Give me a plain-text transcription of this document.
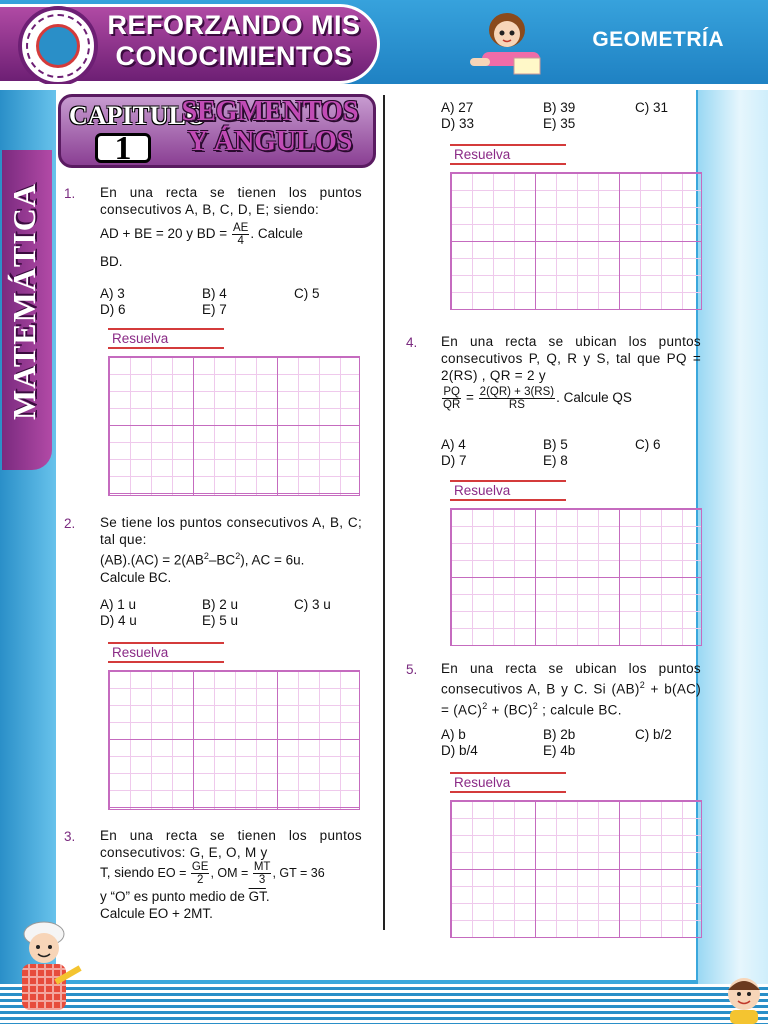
REFORZANDO MIS
CONOCIMIENTOS
GEOMETRÍA
MATEMÁTICA
CAPITULO
1
SEGMENTOS
Y ÁNGULOS
1. En una recta se tienen los puntos consecutivos A, B, C, D, E; siendo:
AD + BE = 20 y BD = $\frac{AE}{4}$ . Calcule
BD.
A) 3	B) 4	C) 5
D) 6	E) 7
Resuelva
2. Se tiene los puntos consecutivos A, B, C; tal que:
$(AB).(AC) = 2(AB^2-BC^2)$, AC = 6u.
Calcule BC.
A) 1 u	B) 2 u	C) 3 u
D) 4 u	E) 5 u
Resuelva
3. En una recta se tienen los puntos consecutivos: G, E, O, M y
T, siendo EO = $\frac{GE}{2}$ , OM = $\frac{MT}{3}$ , GT = 36
y “O” es punto medio de $\overline{GT}$.
Calcule EO + 2MT.
A) 27	B) 39	C) 31
D) 33	E) 35
Resuelva
4. En una recta se ubican los puntos consecutivos P, Q, R y S, tal que PQ = 2(RS) , QR = 2 y
$\frac{PQ}{QR} = \frac{2(QR) + 3(RS)}{RS}$ . Calcule QS
A) 4	B) 5	C) 6
D) 7	E) 8
Resuelva
5. En una recta se ubican los puntos consecutivos A, B y C. Si (AB)$^2$ + b(AC) = (AC)$^2$ + (BC)$^2$ ; calcule BC.
A) b	B) 2b	C) b/2
D) b/4	E) 4b
Resuelva
